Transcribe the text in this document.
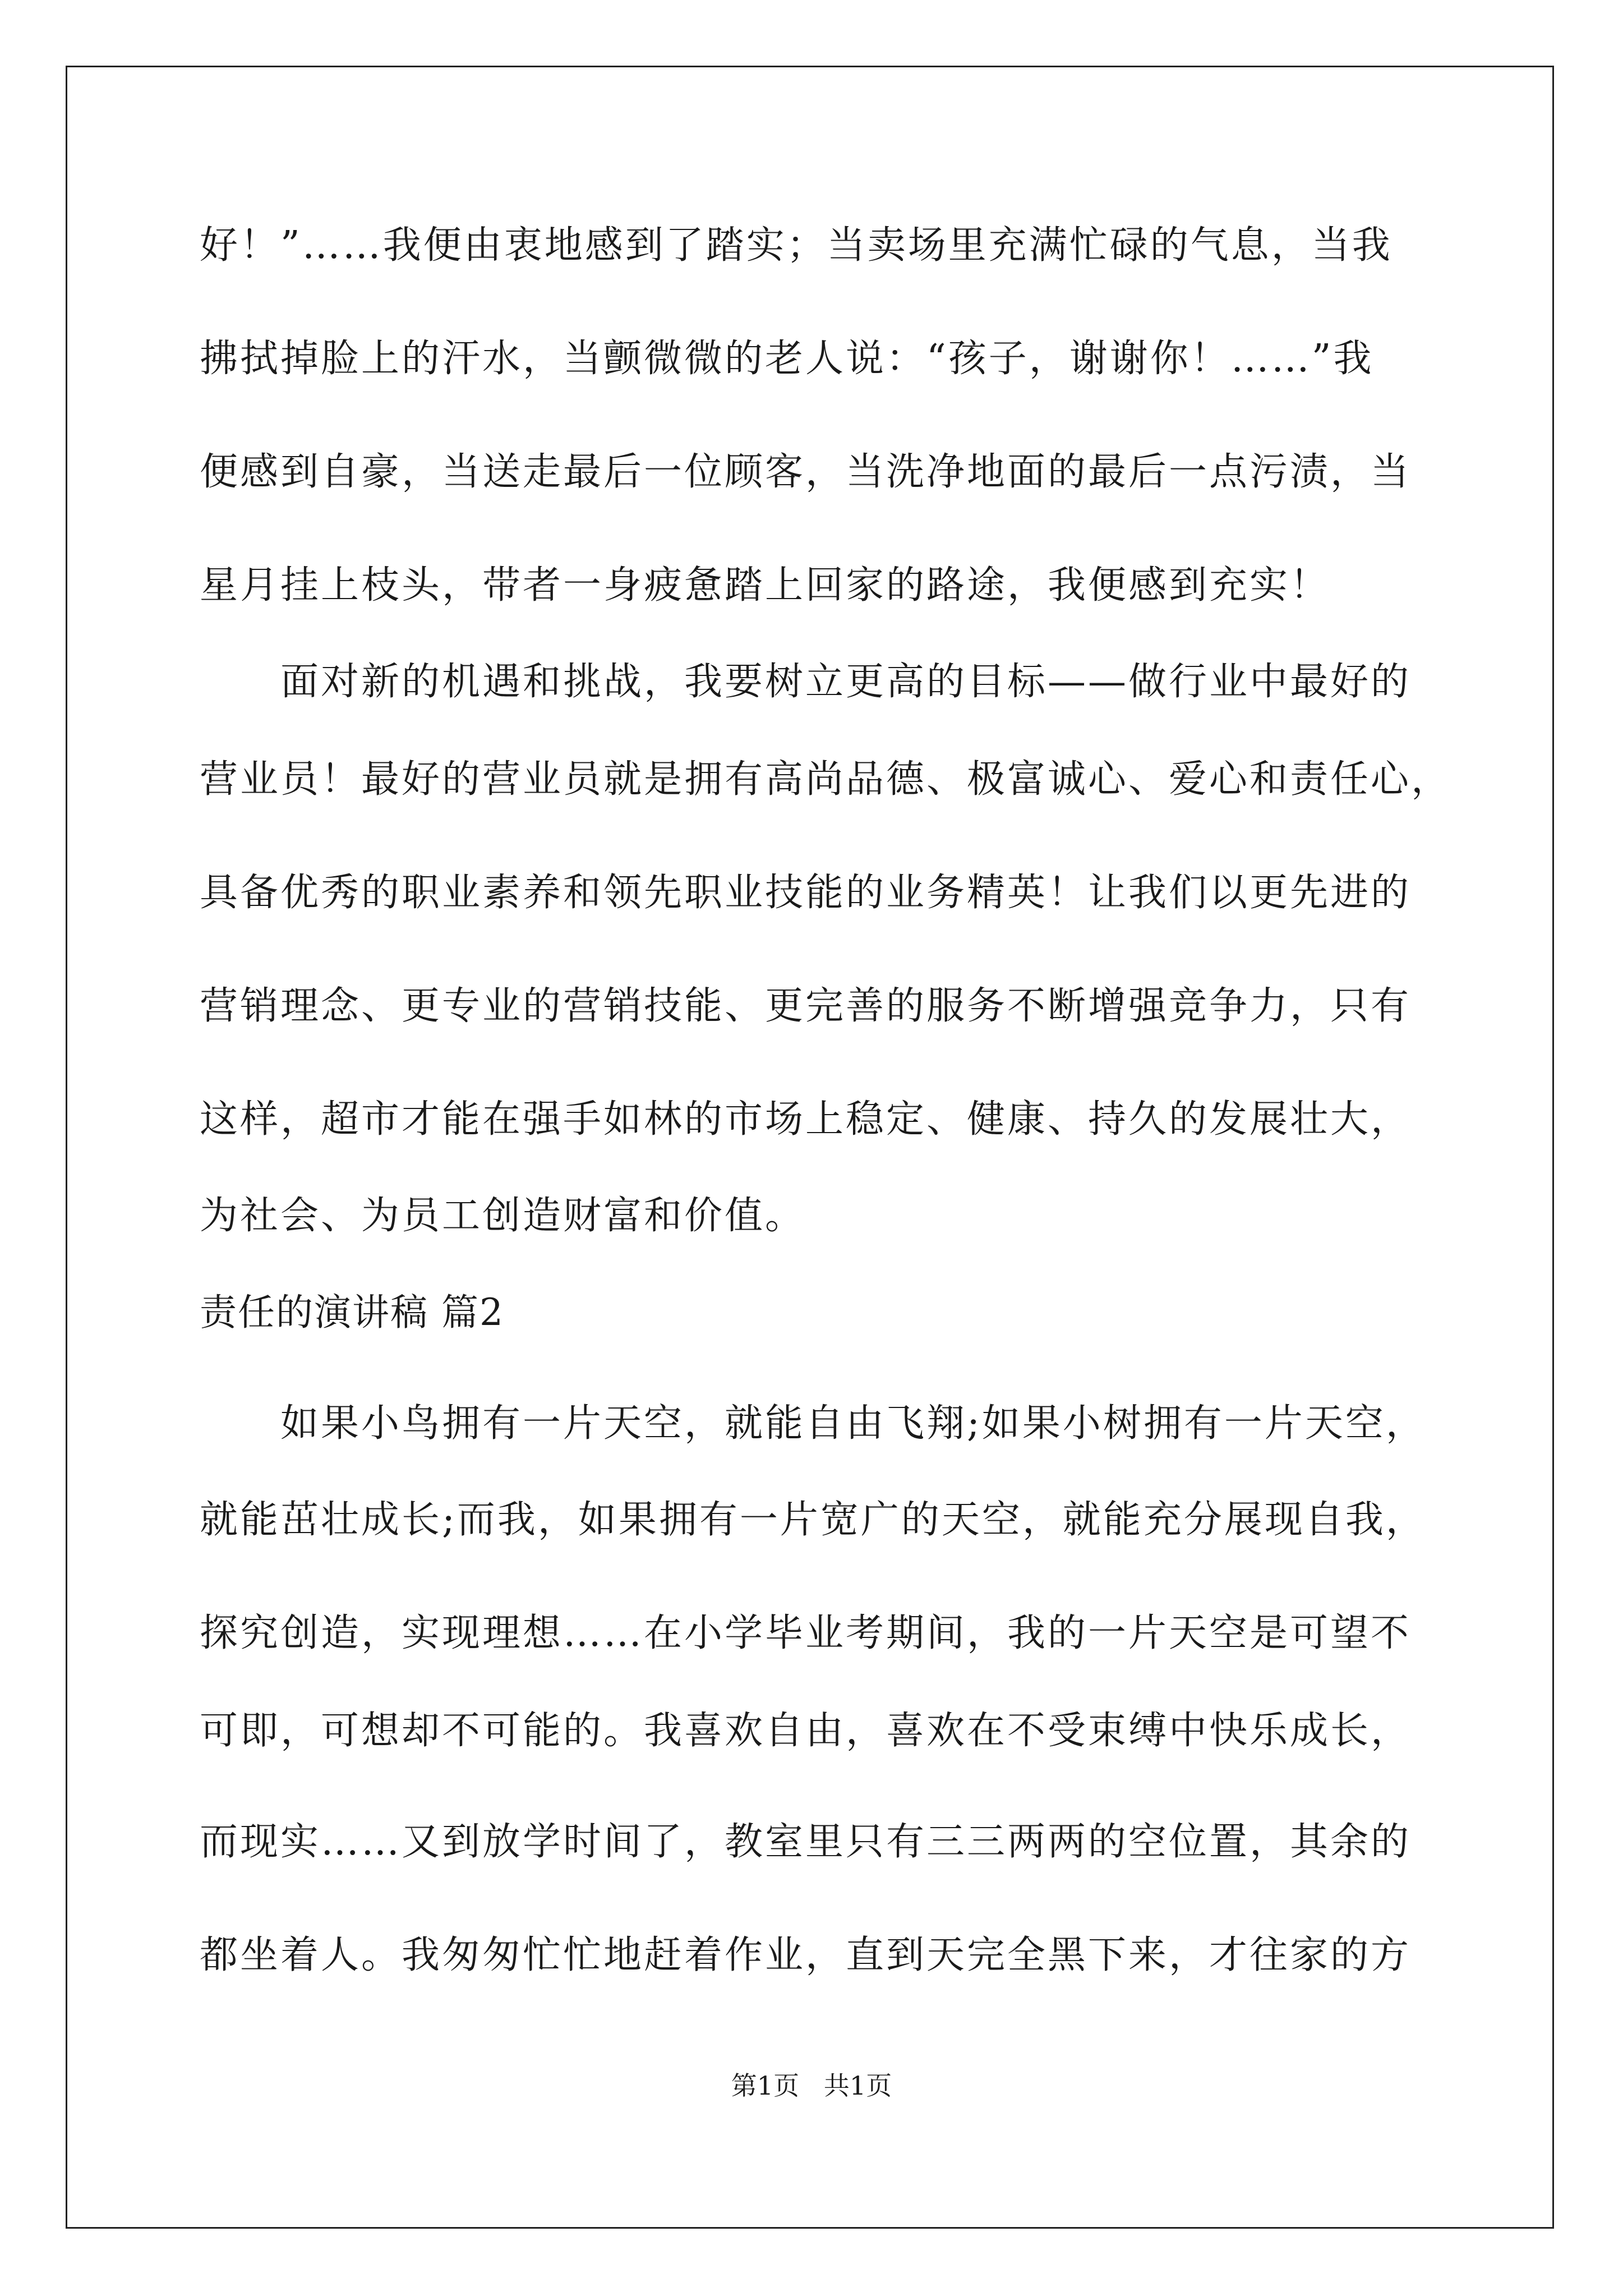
好！”……我便由衷地感到了踏实；当卖场里充满忙碌的气息，当我

拂拭掉脸上的汗水，当颤微微的老人说：“孩子，谢谢你！……”我

便感到自豪，当送走最后一位顾客，当洗净地面的最后一点污渍，当

星月挂上枝头，带者一身疲惫踏上回家的路途，我便感到充实！

面对新的机遇和挑战，我要树立更高的目标——做行业中最好的

营业员！最好的营业员就是拥有高尚品德、极富诚心、爱心和责任心，

具备优秀的职业素养和领先职业技能的业务精英！让我们以更先进的

营销理念、更专业的营销技能、更完善的服务不断增强竞争力，只有

这样，超市才能在强手如林的市场上稳定、健康、持久的发展壮大，

为社会、为员工创造财富和价值。

责任的演讲稿 篇2

如果小鸟拥有一片天空，就能自由飞翔;如果小树拥有一片天空，

就能茁壮成长;而我，如果拥有一片宽广的天空，就能充分展现自我，

探究创造，实现理想……在小学毕业考期间，我的一片天空是可望不

可即，可想却不可能的。我喜欢自由，喜欢在不受束缚中快乐成长，

而现实……又到放学时间了，教室里只有三三两两的空位置，其余的

都坐着人。我匆匆忙忙地赶着作业，直到天完全黑下来，才往家的方

第1页   共1页
